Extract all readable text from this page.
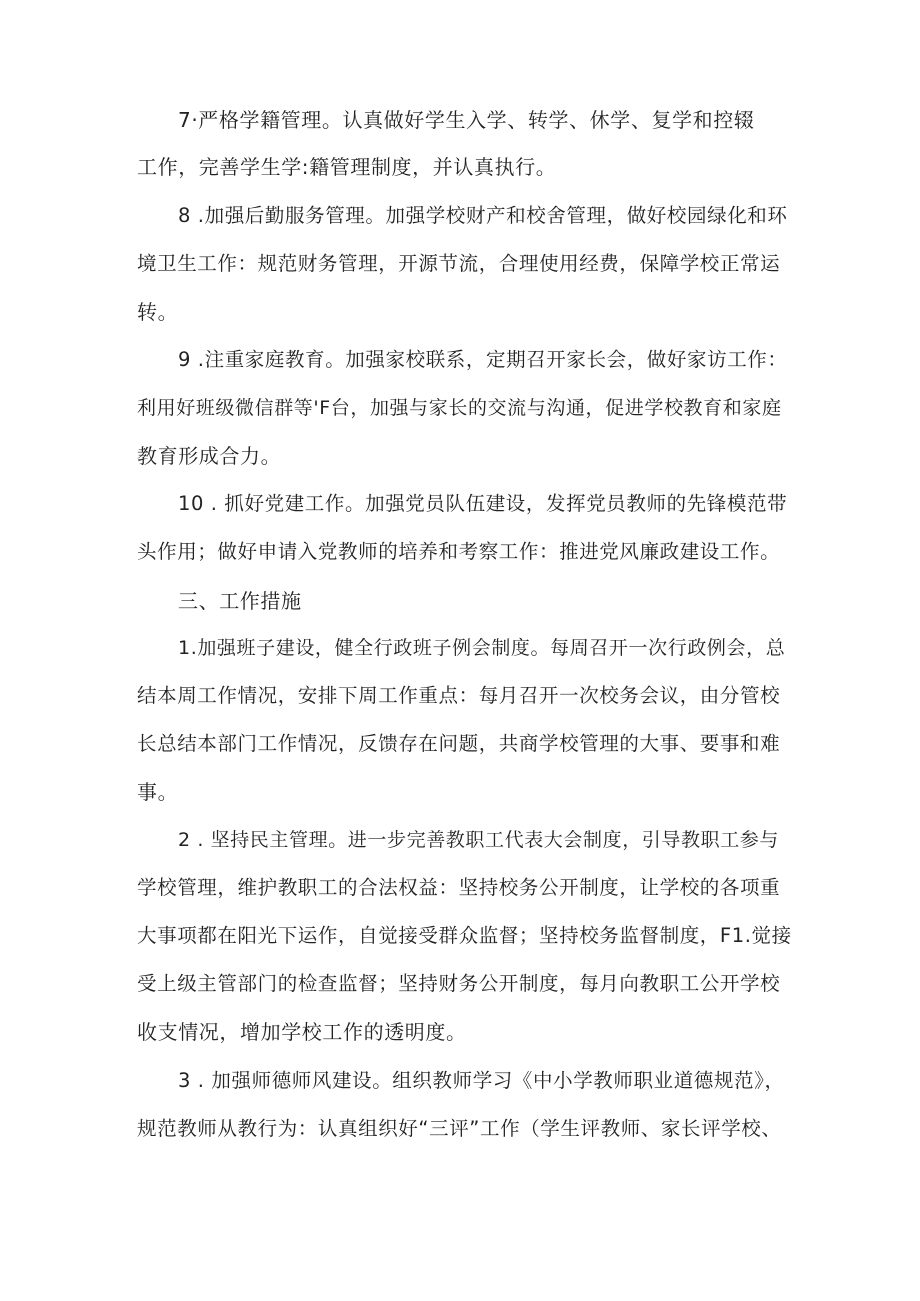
7·严格学籍管理。认真做好学生入学、转学、休学、复学和控辍
工作，完善学生学:籍管理制度，并认真执行。
8 .加强后勤服务管理。加强学校财产和校舍管理，做好校园绿化和环
境卫生工作：规范财务管理，开源节流，合理使用经费，保障学校正常运
转。
9 .注重家庭教育。加强家校联系，定期召开家长会，做好家访工作：
利用好班级微信群等'F台，加强与家长的交流与沟通，促进学校教育和家庭
教育形成合力。
10 . 抓好党建工作。加强党员队伍建设，发挥党员教师的先锋模范带
头作用；做好申请入党教师的培养和考察工作：推进党风廉政建设工作。
三、工作措施
1.加强班子建设，健全行政班子例会制度。每周召开一次行政例会，总
结本周工作情况，安排下周工作重点：每月召开一次校务会议，由分管校
长总结本部门工作情况，反馈存在问题，共商学校管理的大事、要事和难
事。
2 . 坚持民主管理。进一步完善教职工代表大会制度，引导教职工参与
学校管理，维护教职工的合法权益：坚持校务公开制度，让学校的各项重
大事项都在阳光下运作，自觉接受群众监督；坚持校务监督制度，F1.觉接
受上级主管部门的检查监督；坚持财务公开制度，每月向教职工公开学校
收支情况，增加学校工作的透明度。
3 . 加强师德师风建设。组织教师学习《中小学教师职业道德规范》，
规范教师从教行为：认真组织好“三评”工作（学生评教师、家长评学校、
